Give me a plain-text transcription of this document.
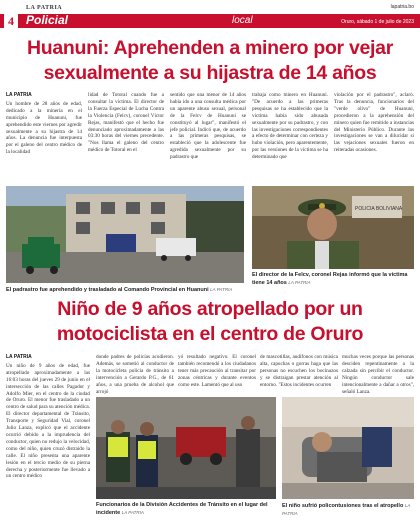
4
LA PATRIA
Policial	local
lapatria.bo
Oruro, sábado 1 de julio de 2023
Huanuni: Aprehenden a minero por vejar sexualmente a su hijastra de 14 años
LA PATRIA
Un hombre de 28 años de edad, dedicado a la minería en el municipio de Huanuni, fue aprehendido este viernes por agredir sexualmente a su hijastra de 14 años. La denuncia fue interpuesta por el galeno del centro médico de la localidad
lidad de Totoral cuando fue a consultar la víctima. El director de la Fuerza Especial de Lucha Contra la Violencia (Felcv), coronel Víctor Rejas, manifestó que el hecho fue denunciado aproximadamente a las 03:30 horas del viernes precedente. "Nos llama el galeno del centro médico de Totoral en el
sentido que una menor de 14 años había ido a una consulta médica por un aparente abuso sexual, personal de la Felcv de Huanuni se constituyó al lugar", manifestó el jefe policial. Indicó que, de acuerdo a las primeras pesquisas, se estableció que la adolescente fue agredida sexualmente por su padrastro que
trabaja como minero en Huanuni. "De acuerdo a las primeras pesquisas se ha establecido que la víctima había sido abusada sexualmente por su padrastro, y con las investigaciones correspondientes a efecto de determinar con certeza y hubo violación, pero aparentemente, por las versiones de la víctima se ha determinado que
violación por el padrastro", aclaró. Tras la denuncia, funcionarios del "verde olivo" de Huanuni, procedieron a la aprehensión del minero quien fue remitido a instancias del Ministerio Público. Durante las investigaciones se van a dilucidar si las vejaciones sexuales fueron en reiteradas ocasiones.
El padrastro fue aprehendido y trasladado al Comando Provincial en Huanuni LA PATRIA
POLICIA BOLIVIANA
El director de la Felcv, coronel Rejas informó que la víctima tiene 14 años LA PATRIA
Niño de 9 años atropellado por un motociclista en el centro de Oruro
LA PATRIA
Un niño de 9 años de edad, fue atropellado aproximadamente a las 16:03 horas del jueves 29 de junio en el intersección de las calles Pagador y Adolfo Mier, en el centro de la ciudad de Oruro. El menor fue trasladado a un centro de salud para su atención médica. El director departamental de Tránsito, Transporte y Seguridad Vial, coronel Julio Lanza, explicó que el accidente ocurrió debido a la imprudencia del conductor, quien no redujo la velocidad, como del niño, quien cruzó distraído la calle. El niño presenta una aparente lesión en el tercio medio de su pierna derecha y posteriormente fue llevado a un centro médico
donde padres de policías acudieron. Además, se sometió al conductor de la motocicleta policía de tránsito a intervención a Gerardo P.G., de 61 años, a una prueba de alcohol que arrojó
yó resultado negativo. El coronel también recomendó a los ciudadanos tener más precaución al transitar por zonas céntricas y durante eventos como este. Lamentó que al uso
de mascotillas, audífonos con música alta, capuchas o gorras haga que las personas no escuchen los bocinazos y se distraigan prestar atención al entorno. "Estos incidentes ocurren
muchas veces porque las personas desciden repentinamente a la calzada sin percibir el conductor. Ningún conductor sale intencionalmente a dañar a otros", señaló Lanza.
Funcionarios de la División Accidentes de Tránsito en el lugar del incidente LA PATRIA
El niño sufrió policontusiones tras el atropello LA PATRIA
